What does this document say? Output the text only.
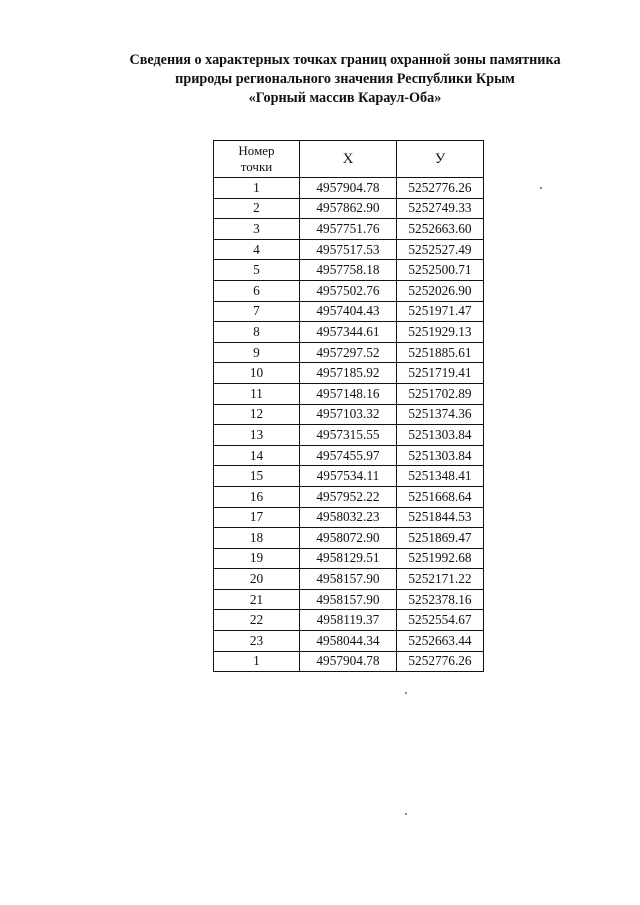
Сведения о характерных точках границ охранной зоны памятника
природы регионального значения Республики Крым
«Горный массив Караул-Оба»
Номер
точки	X	У
1	4957904.78	5252776.26
2	4957862.90	5252749.33
3	4957751.76	5252663.60
4	4957517.53	5252527.49
5	4957758.18	5252500.71
6	4957502.76	5252026.90
7	4957404.43	5251971.47
8	4957344.61	5251929.13
9	4957297.52	5251885.61
10	4957185.92	5251719.41
11	4957148.16	5251702.89
12	4957103.32	5251374.36
13	4957315.55	5251303.84
14	4957455.97	5251303.84
15	4957534.11	5251348.41
16	4957952.22	5251668.64
17	4958032.23	5251844.53
18	4958072.90	5251869.47
19	4958129.51	5251992.68
20	4958157.90	5252171.22
21	4958157.90	5252378.16
22	4958119.37	5252554.67
23	4958044.34	5252663.44
1	4957904.78	5252776.26
